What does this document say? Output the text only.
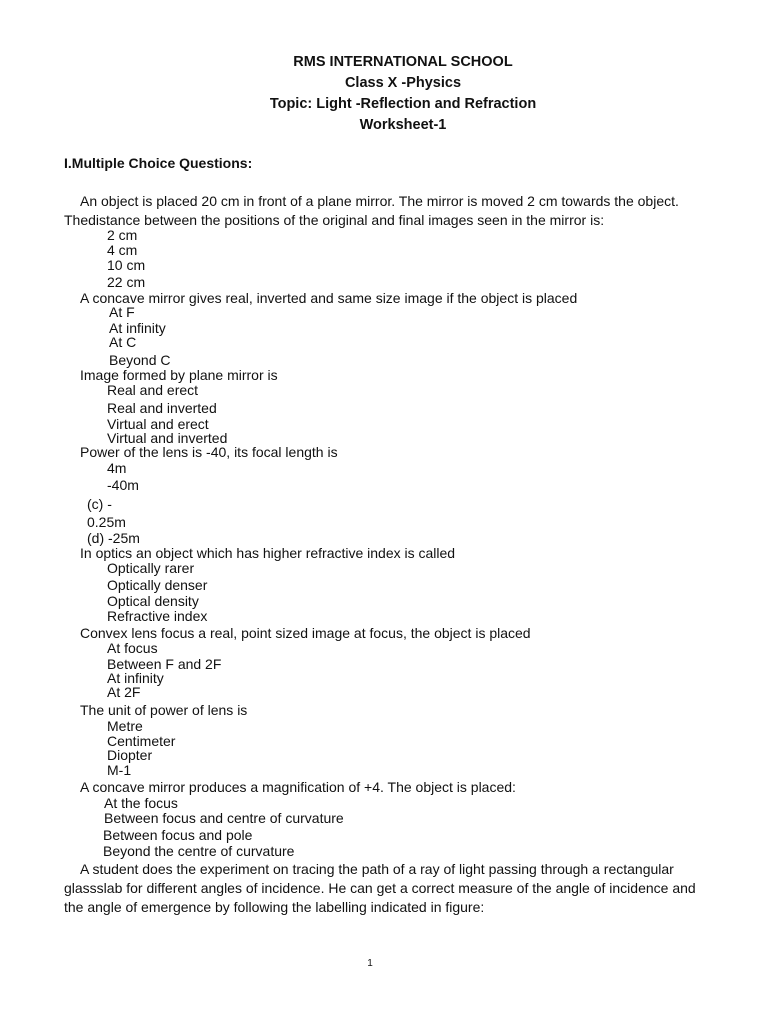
RMS INTERNATIONAL SCHOOL
Class X -Physics
Topic: Light -Reflection and Refraction
Worksheet-1
I.Multiple Choice Questions:
An object is placed 20 cm in front of a plane mirror. The mirror is moved 2 cm towards the object. Thedistance between the positions of the original and final images seen in the mirror is:
2 cm
4 cm
10 cm
22 cm
A concave mirror gives real, inverted and same size image if the object is placed
At F
At infinity
At C
Beyond C
Image formed by plane mirror is
Real and erect
Real and inverted
Virtual and erect
Virtual and inverted
Power of the lens is -40, its focal length is
4m
-40m
(c) -
0.25m
(d) -25m
In optics an object which has higher refractive index is called
Optically rarer
Optically denser
Optical density
Refractive index
Convex lens focus a real, point sized image at focus, the object is placed
At focus
Between F and 2F
At infinity
At 2F
The unit of power of lens is
Metre
Centimeter
Diopter
M-1
A concave mirror produces a magnification of +4. The object is placed:
At the focus
Between focus and centre of curvature
Between focus and pole
Beyond the centre of curvature
A student does the experiment on tracing the path of a ray of light passing through a rectangular glassslab for different angles of incidence. He can get a correct measure of the angle of incidence and the angle of emergence by following the labelling indicated in figure:
1
